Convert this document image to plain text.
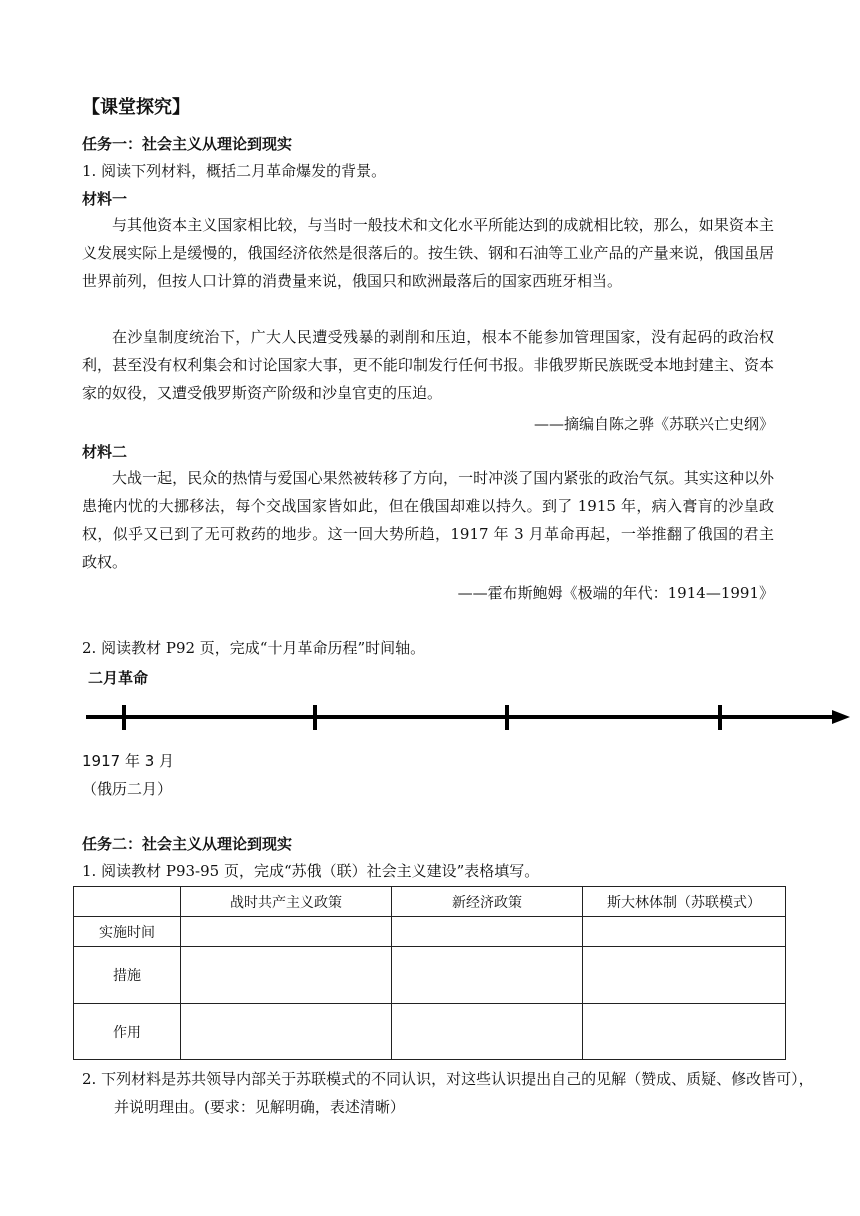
【课堂探究】
任务一：社会主义从理论到现实
1. 阅读下列材料，概括二月革命爆发的背景。
材料一

与其他资本主义国家相比较，与当时一般技术和文化水平所能达到的成就相比较，那么，如果资本主义发展实际上是缓慢的，俄国经济依然是很落后的。按生铁、钢和石油等工业产品的产量来说，俄国虽居世界前列，但按人口计算的消费量来说，俄国只和欧洲最落后的国家西班牙相当。

在沙皇制度统治下，广大人民遭受残暴的剥削和压迫，根本不能参加管理国家，没有起码的政治权利，甚至没有权利集会和讨论国家大事，更不能印制发行任何书报。非俄罗斯民族既受本地封建主、资本家的奴役，又遭受俄罗斯资产阶级和沙皇官吏的压迫。

——摘编自陈之骅《苏联兴亡史纲》
材料二

大战一起，民众的热情与爱国心果然被转移了方向，一时冲淡了国内紧张的政治气氛。其实这种以外患掩内忧的大挪移法，每个交战国家皆如此，但在俄国却难以持久。到了 1915 年，病入膏肓的沙皇政权，似乎又已到了无可救药的地步。这一回大势所趋，1917 年 3 月革命再起，一举推翻了俄国的君主政权。

——霍布斯鲍姆《极端的年代：1914—1991》
2. 阅读教材 P92 页，完成“十月革命历程”时间轴。
二月革命
1917 年 3 月
（俄历二月）
任务二：社会主义从理论到现实
1. 阅读教材 P93-95 页，完成“苏俄（联）社会主义建设”表格填写。
	战时共产主义政策	新经济政策	斯大林体制（苏联模式）
实施时间			
措施			
作用			

2. 下列材料是苏共领导内部关于苏联模式的不同认识，对这些认识提出自己的见解（赞成、质疑、修改皆可），并说明理由。(要求：见解明确，表述清晰）
